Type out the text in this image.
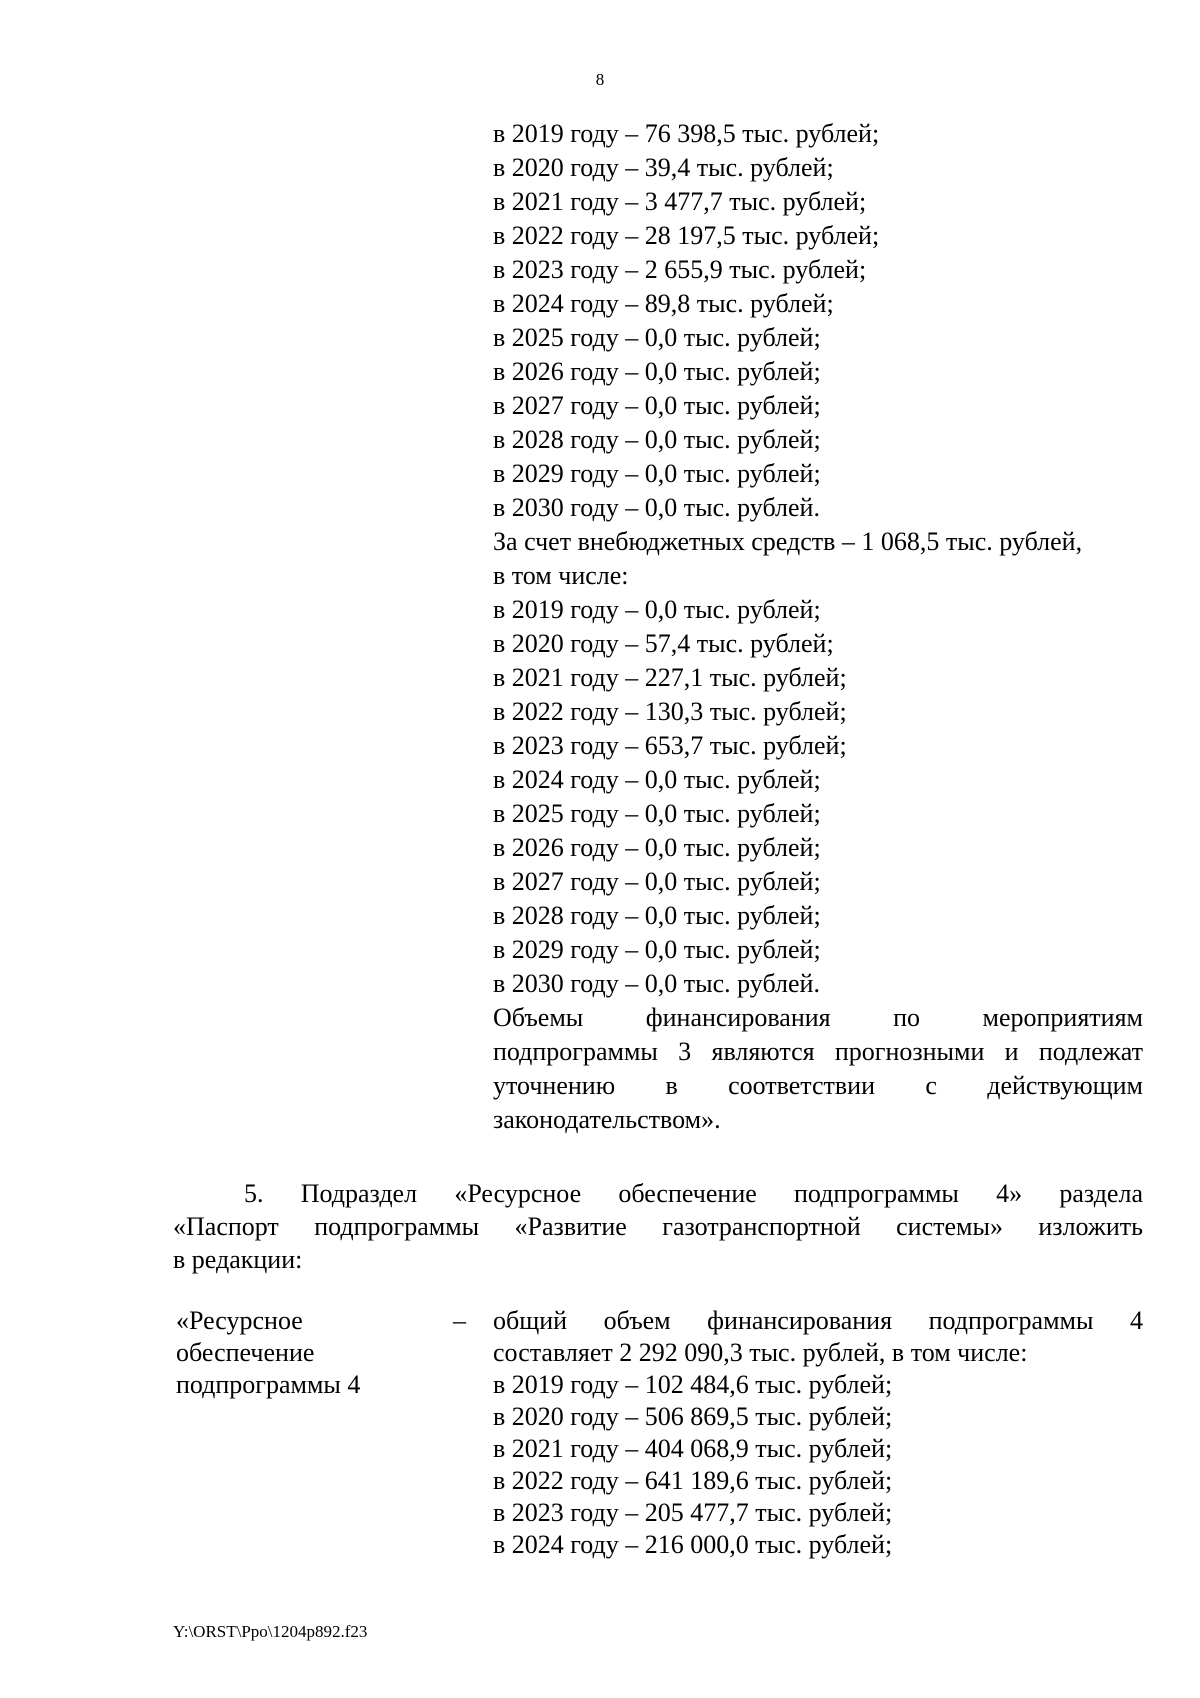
8
в 2019 году – 76 398,5 тыс. рублей;
в 2020 году – 39,4 тыс. рублей;
в 2021 году – 3 477,7 тыс. рублей;
в 2022 году – 28 197,5 тыс. рублей;
в 2023 году – 2 655,9 тыс. рублей;
в 2024 году – 89,8 тыс. рублей;
в 2025 году – 0,0 тыс. рублей;
в 2026 году – 0,0 тыс. рублей;
в 2027 году – 0,0 тыс. рублей;
в 2028 году – 0,0 тыс. рублей;
в 2029 году – 0,0 тыс. рублей;
в 2030 году – 0,0 тыс. рублей.
За счет внебюджетных средств – 1 068,5 тыс. рублей,
в том числе:
в 2019 году – 0,0 тыс. рублей;
в 2020 году – 57,4 тыс. рублей;
в 2021 году – 227,1 тыс. рублей;
в 2022 году – 130,3 тыс. рублей;
в 2023 году – 653,7 тыс. рублей;
в 2024 году – 0,0 тыс. рублей;
в 2025 году – 0,0 тыс. рублей;
в 2026 году – 0,0 тыс. рублей;
в 2027 году – 0,0 тыс. рублей;
в 2028 году – 0,0 тыс. рублей;
в 2029 году – 0,0 тыс. рублей;
в 2030 году – 0,0 тыс. рублей.
Объемы финансирования по мероприятиям
подпрограммы 3 являются прогнозными и подлежат
уточнению в соответствии с действующим
законодательством».
5. Подраздел «Ресурсное обеспечение подпрограммы 4» раздела
«Паспорт подпрограммы «Развитие газотранспортной системы» изложить
в редакции:
«Ресурсное
обеспечение
подпрограммы 4
– общий объем финансирования подпрограммы 4
составляет 2 292 090,3 тыс. рублей, в том числе:
в 2019 году – 102 484,6 тыс. рублей;
в 2020 году – 506 869,5 тыс. рублей;
в 2021 году – 404 068,9 тыс. рублей;
в 2022 году – 641 189,6 тыс. рублей;
в 2023 году – 205 477,7 тыс. рублей;
в 2024 году – 216 000,0 тыс. рублей;
Y:\ORST\Ppo\1204p892.f23
